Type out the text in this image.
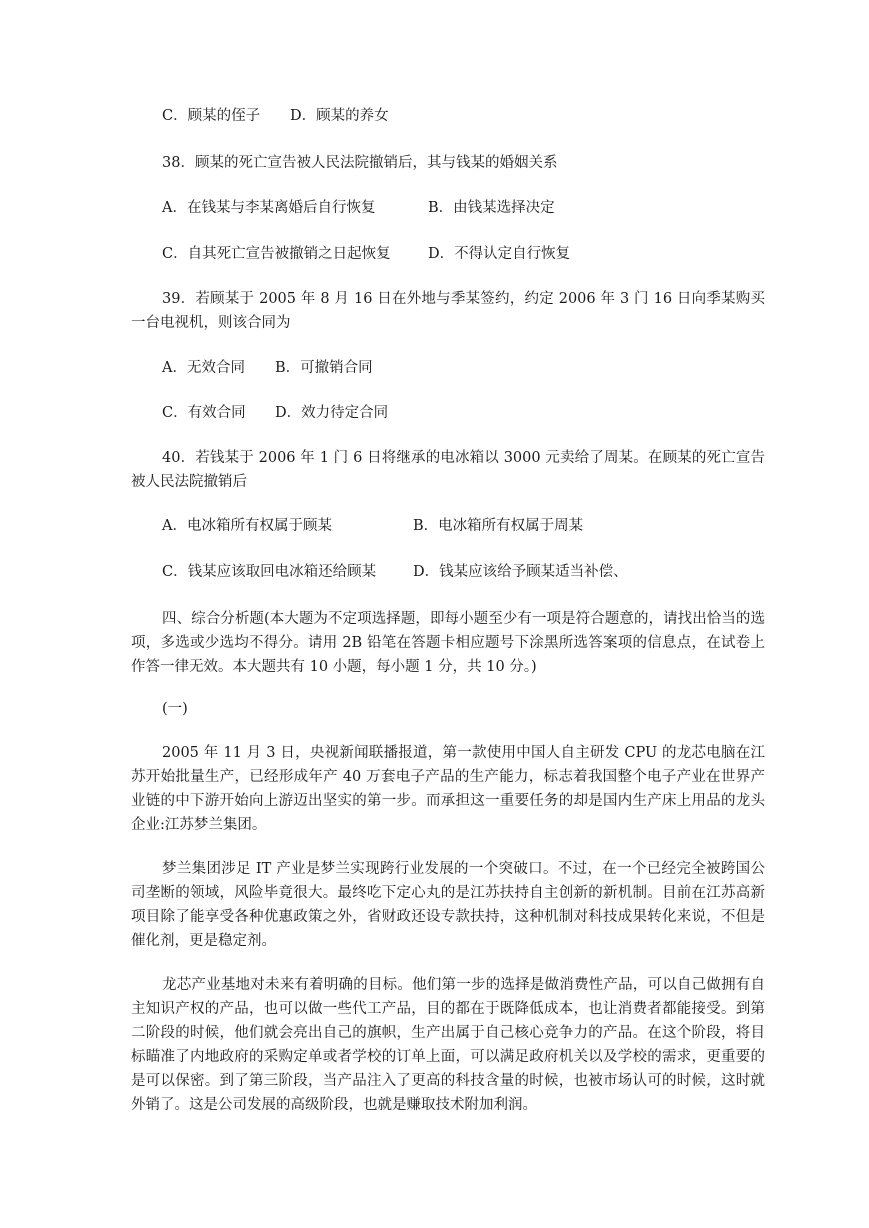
C．顾某的侄子 D．顾某的养女
38．顾某的死亡宣告被人民法院撤销后，其与钱某的婚姻关系
A．在钱某与李某离婚后自行恢复	B．由钱某选择决定
C．自其死亡宣告被撤销之日起恢复	D．不得认定自行恢复
39．若顾某于 2005 年 8 月 16 日在外地与季某签约，约定 2006 年 3 门 16 日向季某购买一台电视机，则该合同为
A．无效合同 B．可撤销合同
C．有效合同 D．效力待定合同
40．若钱某于 2006 年 1 门 6 日将继承的电冰箱以 3000 元卖给了周某。在顾某的死亡宣告被人民法院撤销后
A．电冰箱所有权属于顾某	B．电冰箱所有权属于周某
C．钱某应该取回电冰箱还给顾某	D．钱某应该给予顾某适当补偿、
四、综合分析题(本大题为不定项选择题，即每小题至少有一项是符合题意的，请找出恰当的选项，多选或少选均不得分。请用 2B 铅笔在答题卡相应题号下涂黑所选答案项的信息点，在试卷上作答一律无效。本大题共有 10 小题，每小题 1 分，共 10 分。)
(一)
2005 年 11 月 3 日，央视新闻联播报道，第一款使用中国人自主研发 CPU 的龙芯电脑在江苏开始批量生产，已经形成年产 40 万套电子产品的生产能力，标志着我国整个电子产业在世界产业链的中下游开始向上游迈出坚实的第一步。而承担这一重要任务的却是国内生产床上用品的龙头企业:江苏梦兰集团。
梦兰集团涉足 IT 产业是梦兰实现跨行业发展的一个突破口。不过，在一个已经完全被跨国公司垄断的领域，风险毕竟很大。最终吃下定心丸的是江苏扶持自主创新的新机制。目前在江苏高新项目除了能享受各种优惠政策之外，省财政还设专款扶持，这种机制对科技成果转化来说，不但是催化剂，更是稳定剂。
龙芯产业基地对未来有着明确的目标。他们第一步的选择是做消费性产品，可以自己做拥有自主知识产权的产品，也可以做一些代工产品，目的都在于既降低成本，也让消费者都能接受。到第二阶段的时候，他们就会亮出自己的旗帜，生产出属于自己核心竞争力的产品。在这个阶段，将目标瞄准了内地政府的采购定单或者学校的订单上面，可以满足政府机关以及学校的需求，更重要的是可以保密。到了第三阶段，当产品注入了更高的科技含量的时候，也被市场认可的时候，这时就外销了。这是公司发展的高级阶段，也就是赚取技术附加利润。
